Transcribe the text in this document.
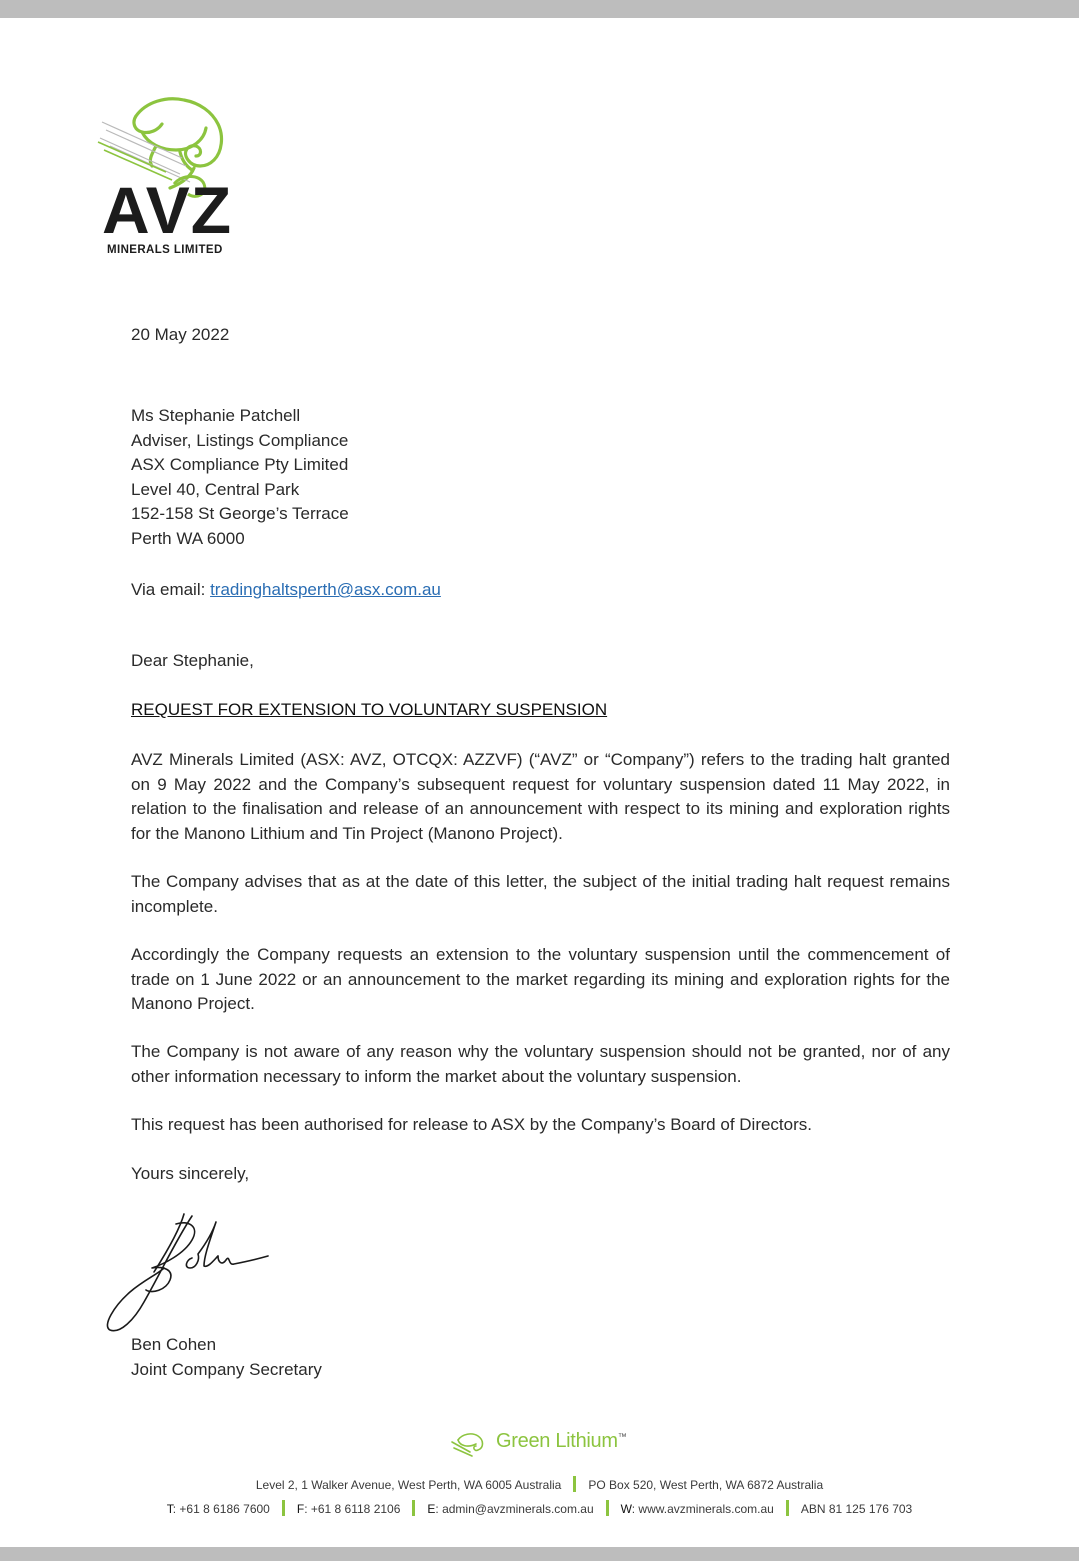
AVZ
MINERALS LIMITED
20 May 2022
Ms Stephanie Patchell
Adviser, Listings Compliance
ASX Compliance Pty Limited
Level 40, Central Park
152-158 St George’s Terrace
Perth WA 6000
Via email: tradinghaltsperth@asx.com.au
Dear Stephanie,
REQUEST FOR EXTENSION TO VOLUNTARY SUSPENSION
AVZ Minerals Limited (ASX: AVZ, OTCQX: AZZVF) (“AVZ” or “Company”) refers to the trading halt granted on 9 May 2022 and the Company’s subsequent request for voluntary suspension dated 11 May 2022, in relation to the finalisation and release of an announcement with respect to its mining and exploration rights for the Manono Lithium and Tin Project (Manono Project).
The Company advises that as at the date of this letter, the subject of the initial trading halt request remains incomplete.
Accordingly the Company requests an extension to the voluntary suspension until the commencement of trade on 1 June 2022 or an announcement to the market regarding its mining and exploration rights for the Manono Project.
The Company is not aware of any reason why the voluntary suspension should not be granted, nor of any other information necessary to inform the market about the voluntary suspension.
This request has been authorised for release to ASX by the Company’s Board of Directors.
Yours sincerely,
Ben Cohen
Joint Company Secretary
Green Lithium™
Level 2, 1 Walker Avenue, West Perth, WA 6005 Australia PO Box 520, West Perth, WA 6872 Australia
T: +61 8 6186 7600 F: +61 8 6118 2106 E: admin@avzminerals.com.au W: www.avzminerals.com.au ABN 81 125 176 703
